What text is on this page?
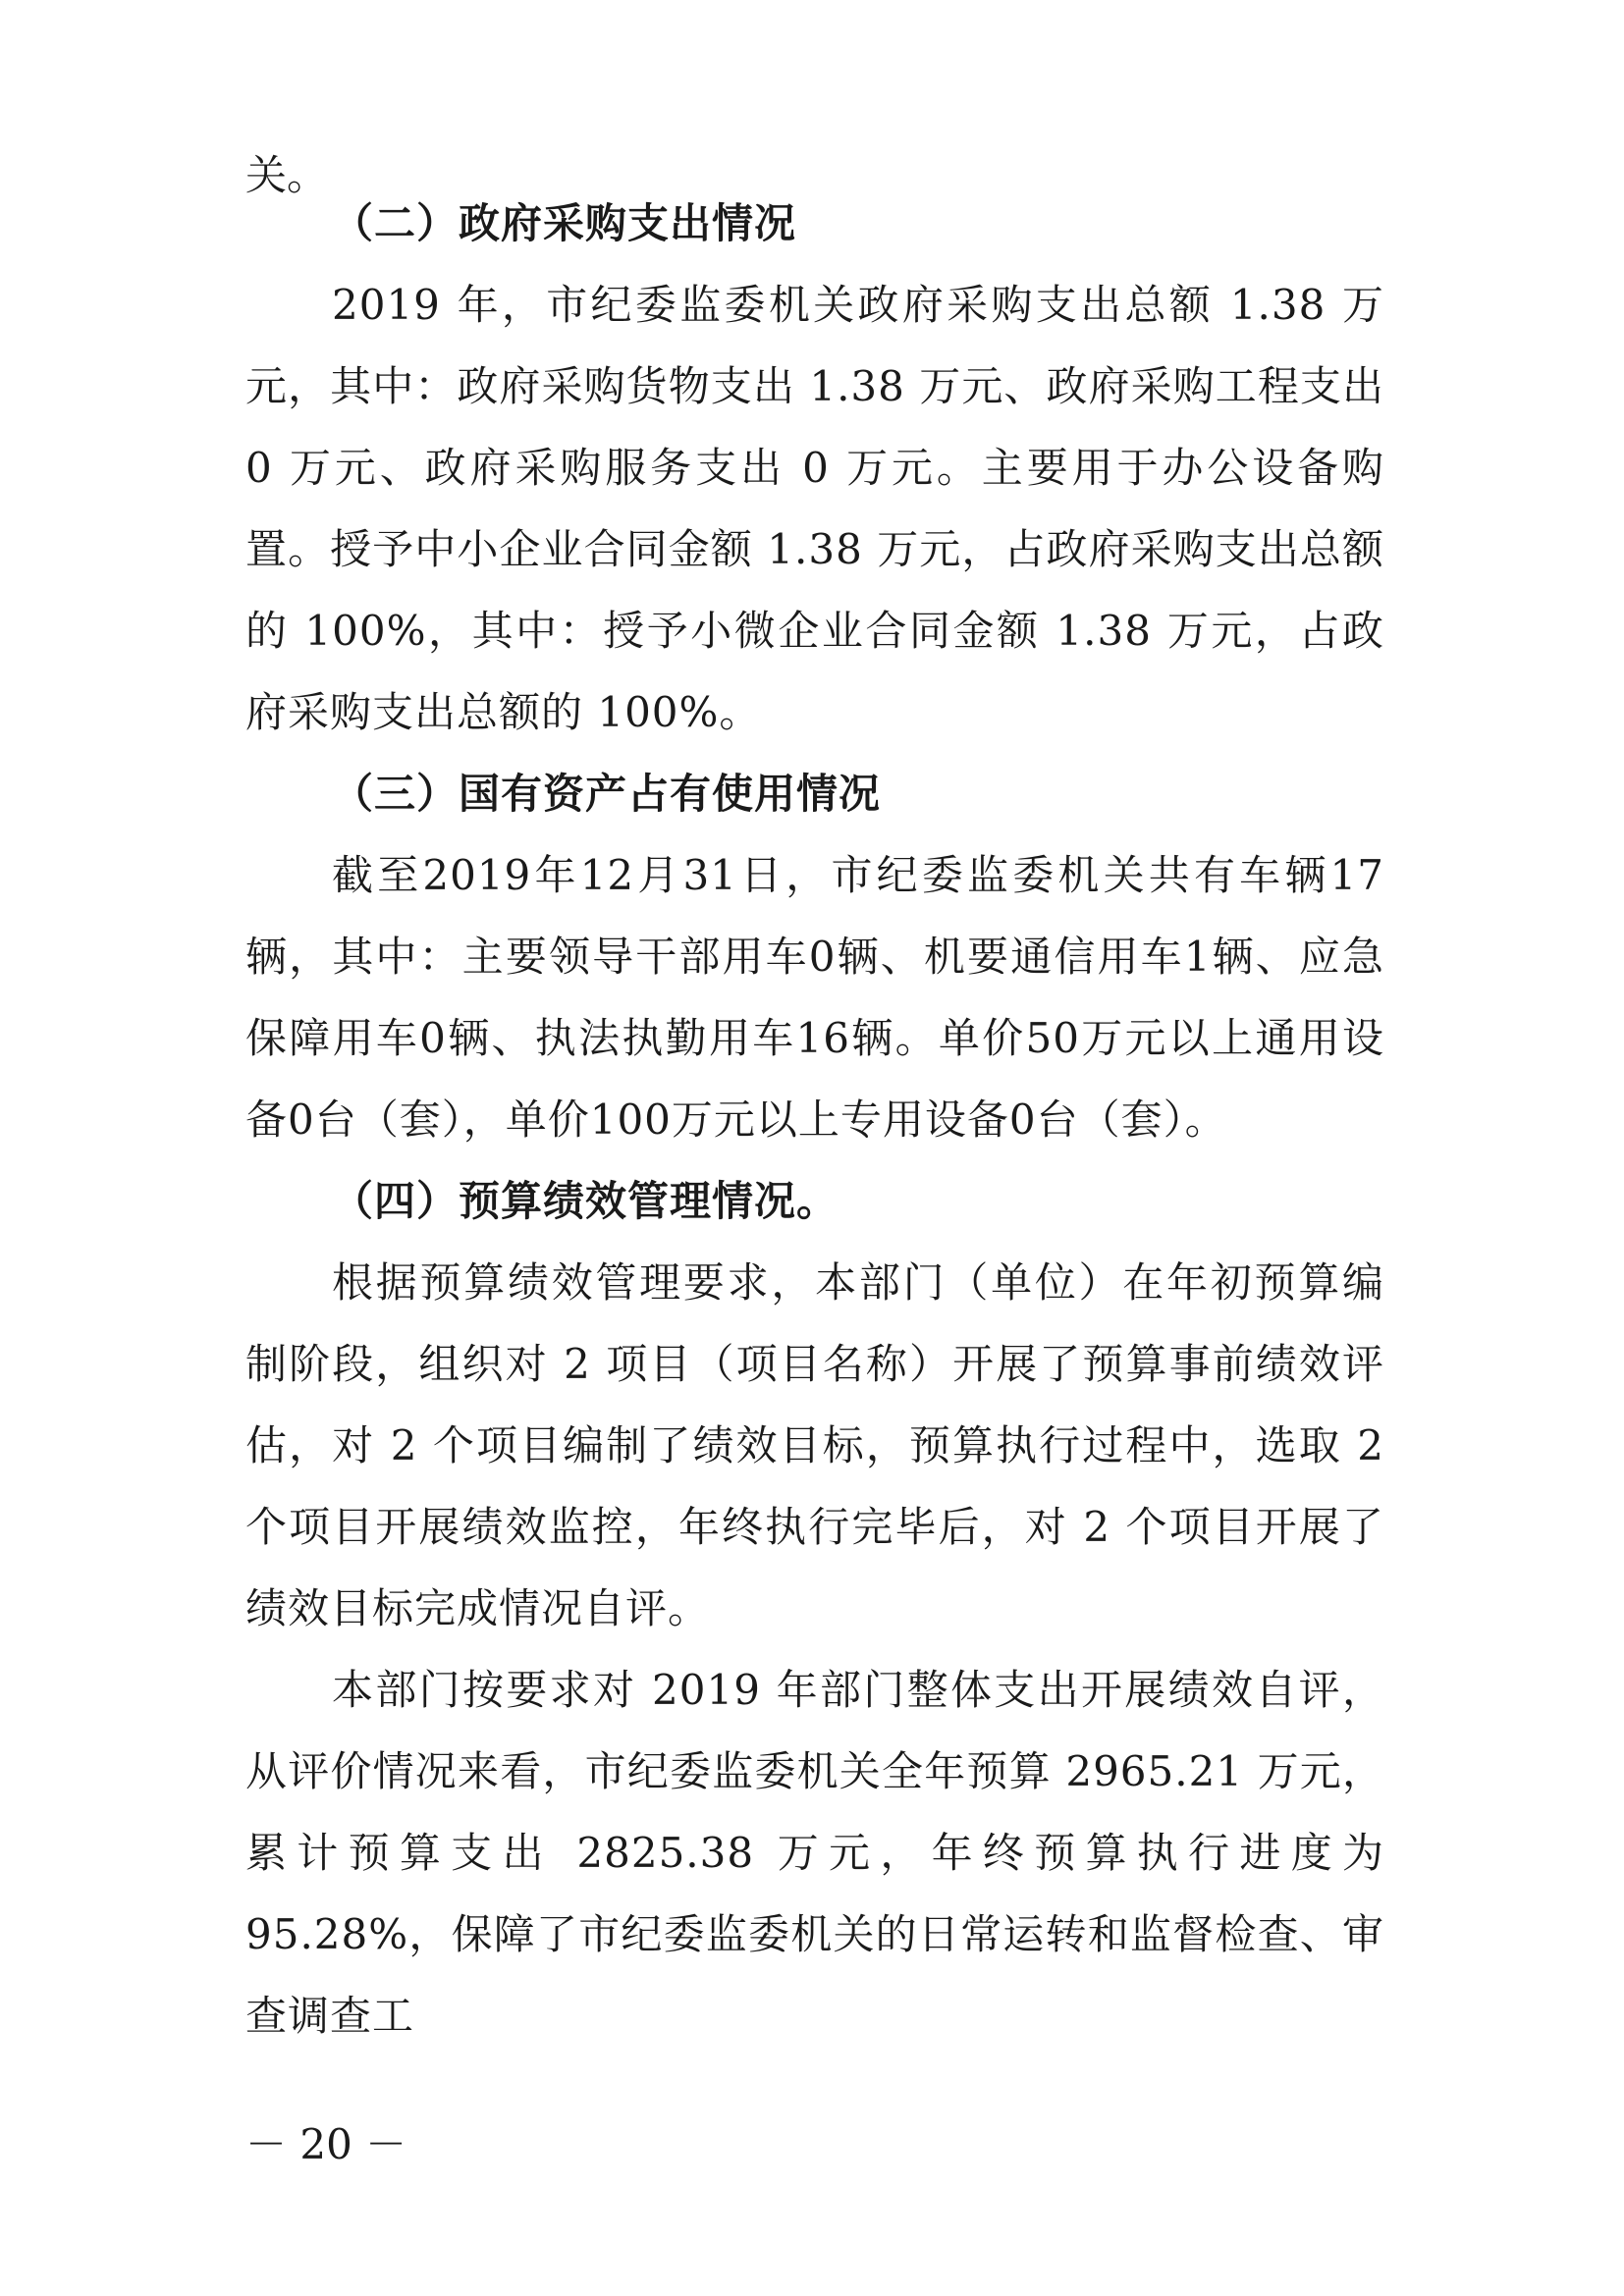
关。

（二）政府采购支出情况

2019 年，市纪委监委机关政府采购支出总额 1.38 万元，其中：政府采购货物支出 1.38 万元、政府采购工程支出 0 万元、政府采购服务支出 0 万元。主要用于办公设备购置。授予中小企业合同金额 1.38 万元，占政府采购支出总额的 100%，其中：授予小微企业合同金额 1.38 万元，占政府采购支出总额的 100%。

（三）国有资产占有使用情况

截至2019年12月31日，市纪委监委机关共有车辆17辆，其中：主要领导干部用车0辆、机要通信用车1辆、应急保障用车0辆、执法执勤用车16辆。单价50万元以上通用设备0台（套），单价100万元以上专用设备0台（套）。

（四）预算绩效管理情况。

根据预算绩效管理要求，本部门（单位）在年初预算编制阶段，组织对 2 项目（项目名称）开展了预算事前绩效评估，对 2 个项目编制了绩效目标，预算执行过程中，选取 2 个项目开展绩效监控，年终执行完毕后，对 2 个项目开展了绩效目标完成情况自评。

本部门按要求对 2019 年部门整体支出开展绩效自评，从评价情况来看，市纪委监委机关全年预算 2965.21 万元，累计预算支出 2825.38 万元，年终预算执行进度为 95.28%，保障了市纪委监委机关的日常运转和监督检查、审查调查工

－ 20 －
